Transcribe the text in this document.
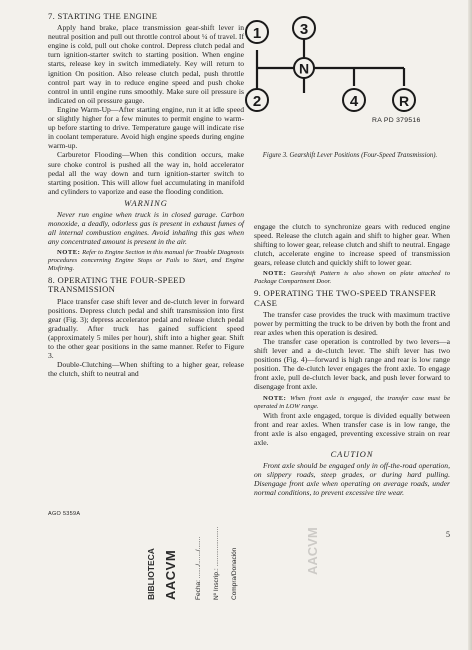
7. STARTING THE ENGINE

Apply hand brake, place transmission gear-shift lever in neutral position and pull out throttle control about ¼ of travel. If engine is cold, pull out choke control. Depress clutch pedal and turn ignition-starter switch to starting position. When engine starts, release key in switch immediately. Key will return to ignition On position. Also release clutch pedal, push throttle control part way in to reduce engine speed and push choke control in until engine runs smoothly. Make sure oil pressure is indicated on oil pressure gauge.

Engine Warm-Up—After starting engine, run it at idle speed or slightly higher for a few minutes to permit engine to warm-up before starting to drive. Temperature gauge will indicate rise in coolant temperature. Avoid high engine speeds during engine warm-up.

Carburetor Flooding—When this condition occurs, make sure choke control is pushed all the way in, hold accelerator pedal all the way down and turn ignition-starter switch to starting position. This will allow fuel accumulating in manifold and cylinders to vaporize and ease the flooding condition.

WARNING

Never run engine when truck is in closed garage. Carbon monoxide, a deadly, odorless gas is present in exhaust fumes of all internal combustion engines. Avoid inhaling this gas when any concentrated amount is present in the air.

NOTE: Refer to Engine Section in this manual for Trouble Diagnosis procedures concerning Engine Stops or Fails to Start, and Engine Misfiring.

8. OPERATING THE FOUR-SPEED TRANSMISSION

Place transfer case shift lever and de-clutch lever in forward positions. Depress clutch pedal and shift transmission into first gear (Fig. 3); depress accelerator pedal and release clutch pedal gradually. After truck has gained sufficient speed (approximately 5 miles per hour), shift into a higher gear. Shift to the other gear positions in the same manner. Refer to Figure 3.

Double-Clutching—When shifting to a higher gear, release the clutch, shift to neutral and

1	3
N
2	4	R
RA PD 379516
Figure 3. Gearshift Lever Positions (Four-Speed Transmission).

engage the clutch to synchronize gears with reduced engine speed. Release the clutch again and shift to higher gear. When shifting to lower gear, release clutch and shift to neutral. Engage clutch, accelerate engine to increase speed of transmission gears, release clutch and quickly shift to lower gear.

NOTE: Gearshift Pattern is also shown on plate attached to Package Compartment Door.

9. OPERATING THE TWO-SPEED TRANSFER CASE

The transfer case provides the truck with maximum tractive power by permitting the truck to be driven by both the front and rear axles when this operation is desired.

The transfer case operation is controlled by two levers—a shift lever and a de-clutch lever. The shift lever has two positions (Fig. 4)—forward is high range and rear is low range position. The de-clutch lever engages the front axle. To engage front axle, pull de-clutch lever back, and push lever forward to disengage front axle.

NOTE: When front axle is engaged, the transfer case must be operated in LOW range.

With front axle engaged, torque is divided equally between front and rear axles. When transfer case is in low range, the front axle is also engaged, preventing excessive strain on rear axle.

CAUTION

Front axle should be engaged only in off-the-road operation, on slippery roads, steep grades, or during hard pulling. Disengage front axle when operating on average roads, under normal conditions, to prevent excessive tire wear.

AGO 5359A
5
BIBLIOTECA AACVM	Fecha: ......./......./....... Nº Inscrip.: ...................... Compra/Donación	AACVM
